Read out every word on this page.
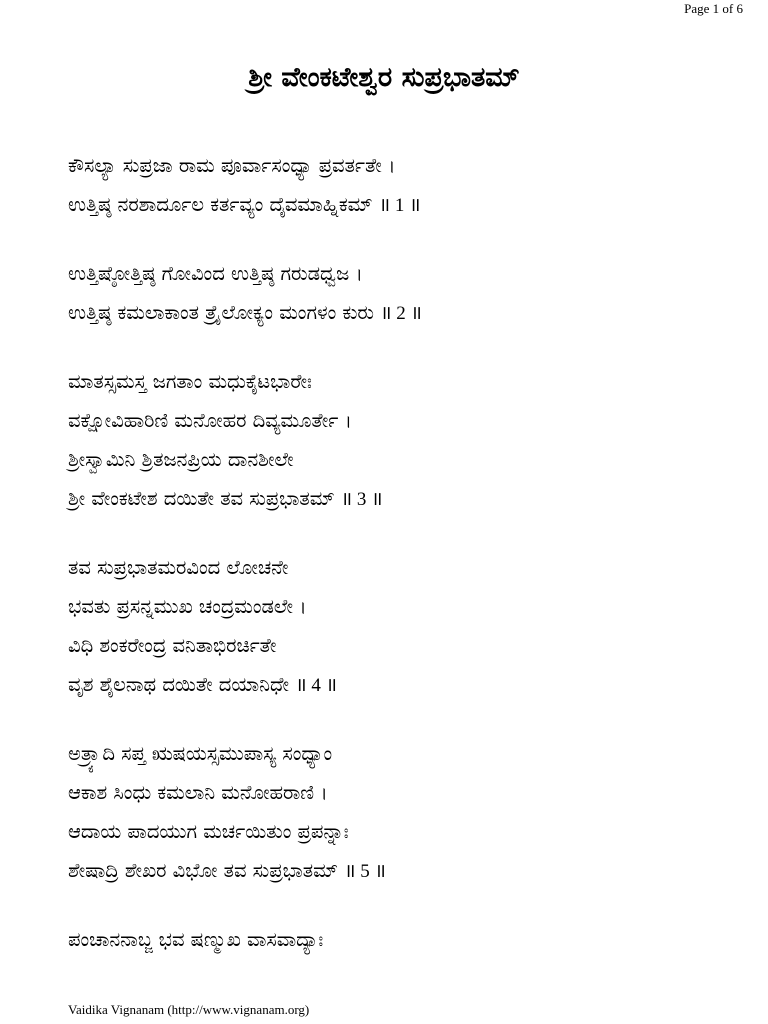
Page 1 of 6
ಶ್ರೀ ವೇಂಕಟೇಶ್ವರ ಸುಪ್ರಭಾತಮ್
ಕೌಸಲ್ಯಾ ಸುಪ್ರಜಾ ರಾಮ ಪೂರ್ವಾಸಂಧ್ಯಾ ಪ್ರವರ್ತತೇ ।
ಉತ್ತಿಷ್ಠ ನರಶಾರ್ದೂಲ ಕರ್ತವ್ಯಂ ದೈವಮಾಹ್ನಿಕಮ್ ॥ 1 ॥
ಉತ್ತಿಷ್ಠೋತ್ತಿಷ್ಠ ಗೋವಿಂದ ಉತ್ತಿಷ್ಠ ಗರುಡಧ್ವಜ ।
ಉತ್ತಿಷ್ಠ ಕಮಲಾಕಾಂತ ತ್ರೈಲೋಕ್ಯಂ ಮಂಗಳಂ ಕುರು ॥ 2 ॥
ಮಾತಸ್ಸಮಸ್ತ ಜಗತಾಂ ಮಧುಕೈಟಭಾರೇಃ
ವಕ್ಷೋವಿಹಾರಿಣಿ ಮನೋಹರ ದಿವ್ಯಮೂರ್ತೇ ।
ಶ್ರೀಸ್ವಾಮಿನಿ ಶ್ರಿತಜನಪ್ರಿಯ ದಾನಶೀಲೇ
ಶ್ರೀ ವೇಂಕಟೇಶ ದಯಿತೇ ತವ ಸುಪ್ರಭಾತಮ್ ॥ 3 ॥
ತವ ಸುಪ್ರಭಾತಮರವಿಂದ ಲೋಚನೇ
ಭವತು ಪ್ರಸನ್ನಮುಖ ಚಂದ್ರಮಂಡಲೇ ।
ವಿಧಿ ಶಂಕರೇಂದ್ರ ವನಿತಾಭಿರರ್ಚಿತೇ
ವೃಶ ಶೈಲನಾಥ ದಯಿತೇ ದಯಾನಿಧೇ ॥ 4 ॥
ಅತ್ರ್ಯಾದಿ ಸಪ್ತ ಋಷಯಸ್ಸಮುಪಾಸ್ಯ ಸಂಧ್ಯಾಂ
ಆಕಾಶ ಸಿಂಧು ಕಮಲಾನಿ ಮನೋಹರಾಣಿ ।
ಆದಾಯ ಪಾದಯುಗ ಮರ್ಚಯಿತುಂ ಪ್ರಪನ್ನಾಃ
ಶೇಷಾದ್ರಿ ಶೇಖರ ವಿಭೋ ತವ ಸುಪ್ರಭಾತಮ್ ॥ 5 ॥
ಪಂಚಾನನಾಬ್ಜ ಭವ ಷಣ್ಮುಖ ವಾಸವಾದ್ಯಾಃ
Vaidika Vignanam (http://www.vignanam.org)
